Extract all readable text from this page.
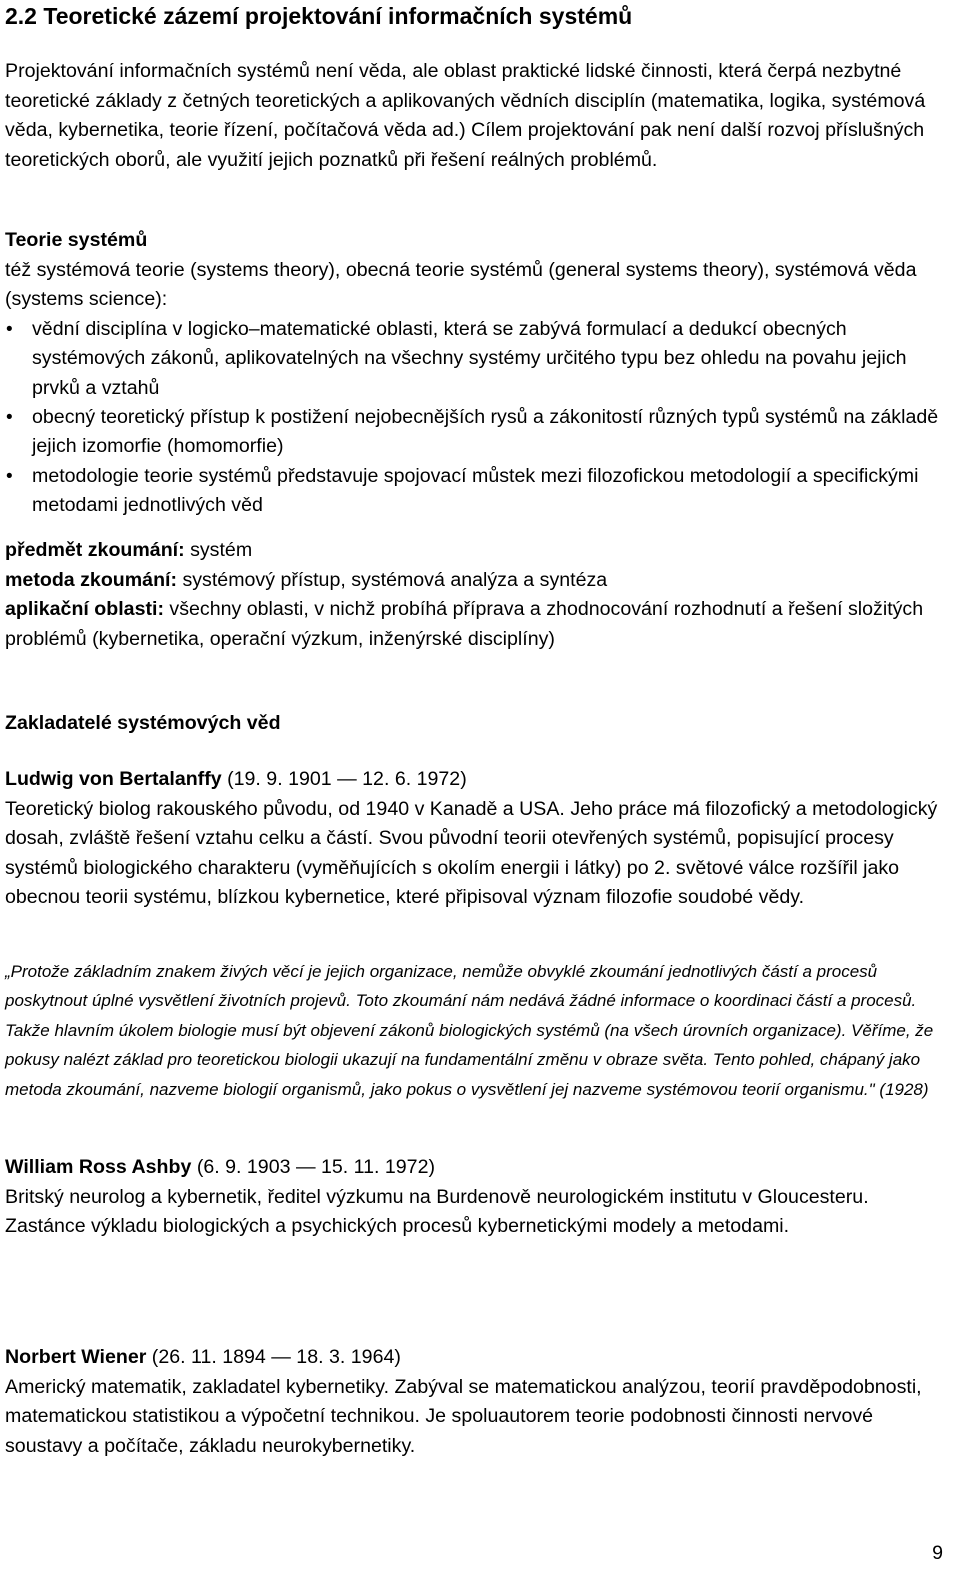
2.2 Teoretické zázemí projektování informačních systémů

Projektování informačních systémů není věda, ale oblast praktické lidské činnosti, která čerpá nezbytné teoretické základy z četných teoretických a aplikovaných vědních disciplín (matematika, logika, systémová věda, kybernetika, teorie řízení, počítačová věda ad.) Cílem projektování pak není další rozvoj příslušných teoretických oborů, ale využití jejich poznatků při řešení reálných problémů.

Teorie systémů

též systémová teorie (systems theory), obecná teorie systémů (general systems theory), systémová věda (systems science):

• vědní disciplína v logicko–matematické oblasti, která se zabývá formulací a dedukcí obecných systémových zákonů, aplikovatelných na všechny systémy určitého typu bez ohledu na povahu jejich prvků a vztahů
• obecný teoretický přístup k postižení nejobecnějších rysů a zákonitostí různých typů systémů na základě jejich izomorfie (homomorfie)
• metodologie teorie systémů představuje spojovací můstek mezi filozofickou metodologií a specifickými metodami jednotlivých věd

předmět zkoumání: systém

metoda zkoumání: systémový přístup, systémová analýza a syntéza

aplikační oblasti: všechny oblasti, v nichž probíhá příprava a zhodnocování rozhodnutí a řešení složitých problémů (kybernetika, operační výzkum, inženýrské disciplíny)

Zakladatelé systémových věd

Ludwig von Bertalanffy (19. 9. 1901 — 12. 6. 1972)

Teoretický biolog rakouského původu, od 1940 v Kanadě a USA. Jeho práce má filozofický a metodologický dosah, zvláště řešení vztahu celku a částí. Svou původní teorii otevřených systémů, popisující procesy systémů biologického charakteru (vyměňujících s okolím energii i látky) po 2. světové válce rozšířil jako obecnou teorii systému, blízkou kybernetice, které připisoval význam filozofie soudobé vědy.

„Protože základním znakem živých věcí je jejich organizace, nemůže obvyklé zkoumání jednotlivých částí a procesů poskytnout úplné vysvětlení životních projevů. Toto zkoumání nám nedává žádné informace o koordinaci částí a procesů. Takže hlavním úkolem biologie musí být objevení zákonů biologických systémů (na všech úrovních organizace). Věříme, že pokusy nalézt základ pro teoretickou biologii ukazují na fundamentální změnu v obraze světa. Tento pohled, chápaný jako metoda zkoumání, nazveme biologií organismů, jako pokus o vysvětlení jej nazveme systémovou teorií organismu." (1928)

William Ross Ashby (6. 9. 1903 — 15. 11. 1972)

Britský neurolog a kybernetik, ředitel výzkumu na Burdenově neurologickém institutu v Gloucesteru. Zastánce výkladu biologických a psychických procesů kybernetickými modely a metodami.

Norbert Wiener (26. 11. 1894 — 18. 3. 1964)

Americký matematik, zakladatel kybernetiky. Zabýval se matematickou analýzou, teorií pravděpodobnosti, matematickou statistikou a výpočetní technikou. Je spoluautorem teorie podobnosti činnosti nervové soustavy a počítače, základu neurokybernetiky.

9
